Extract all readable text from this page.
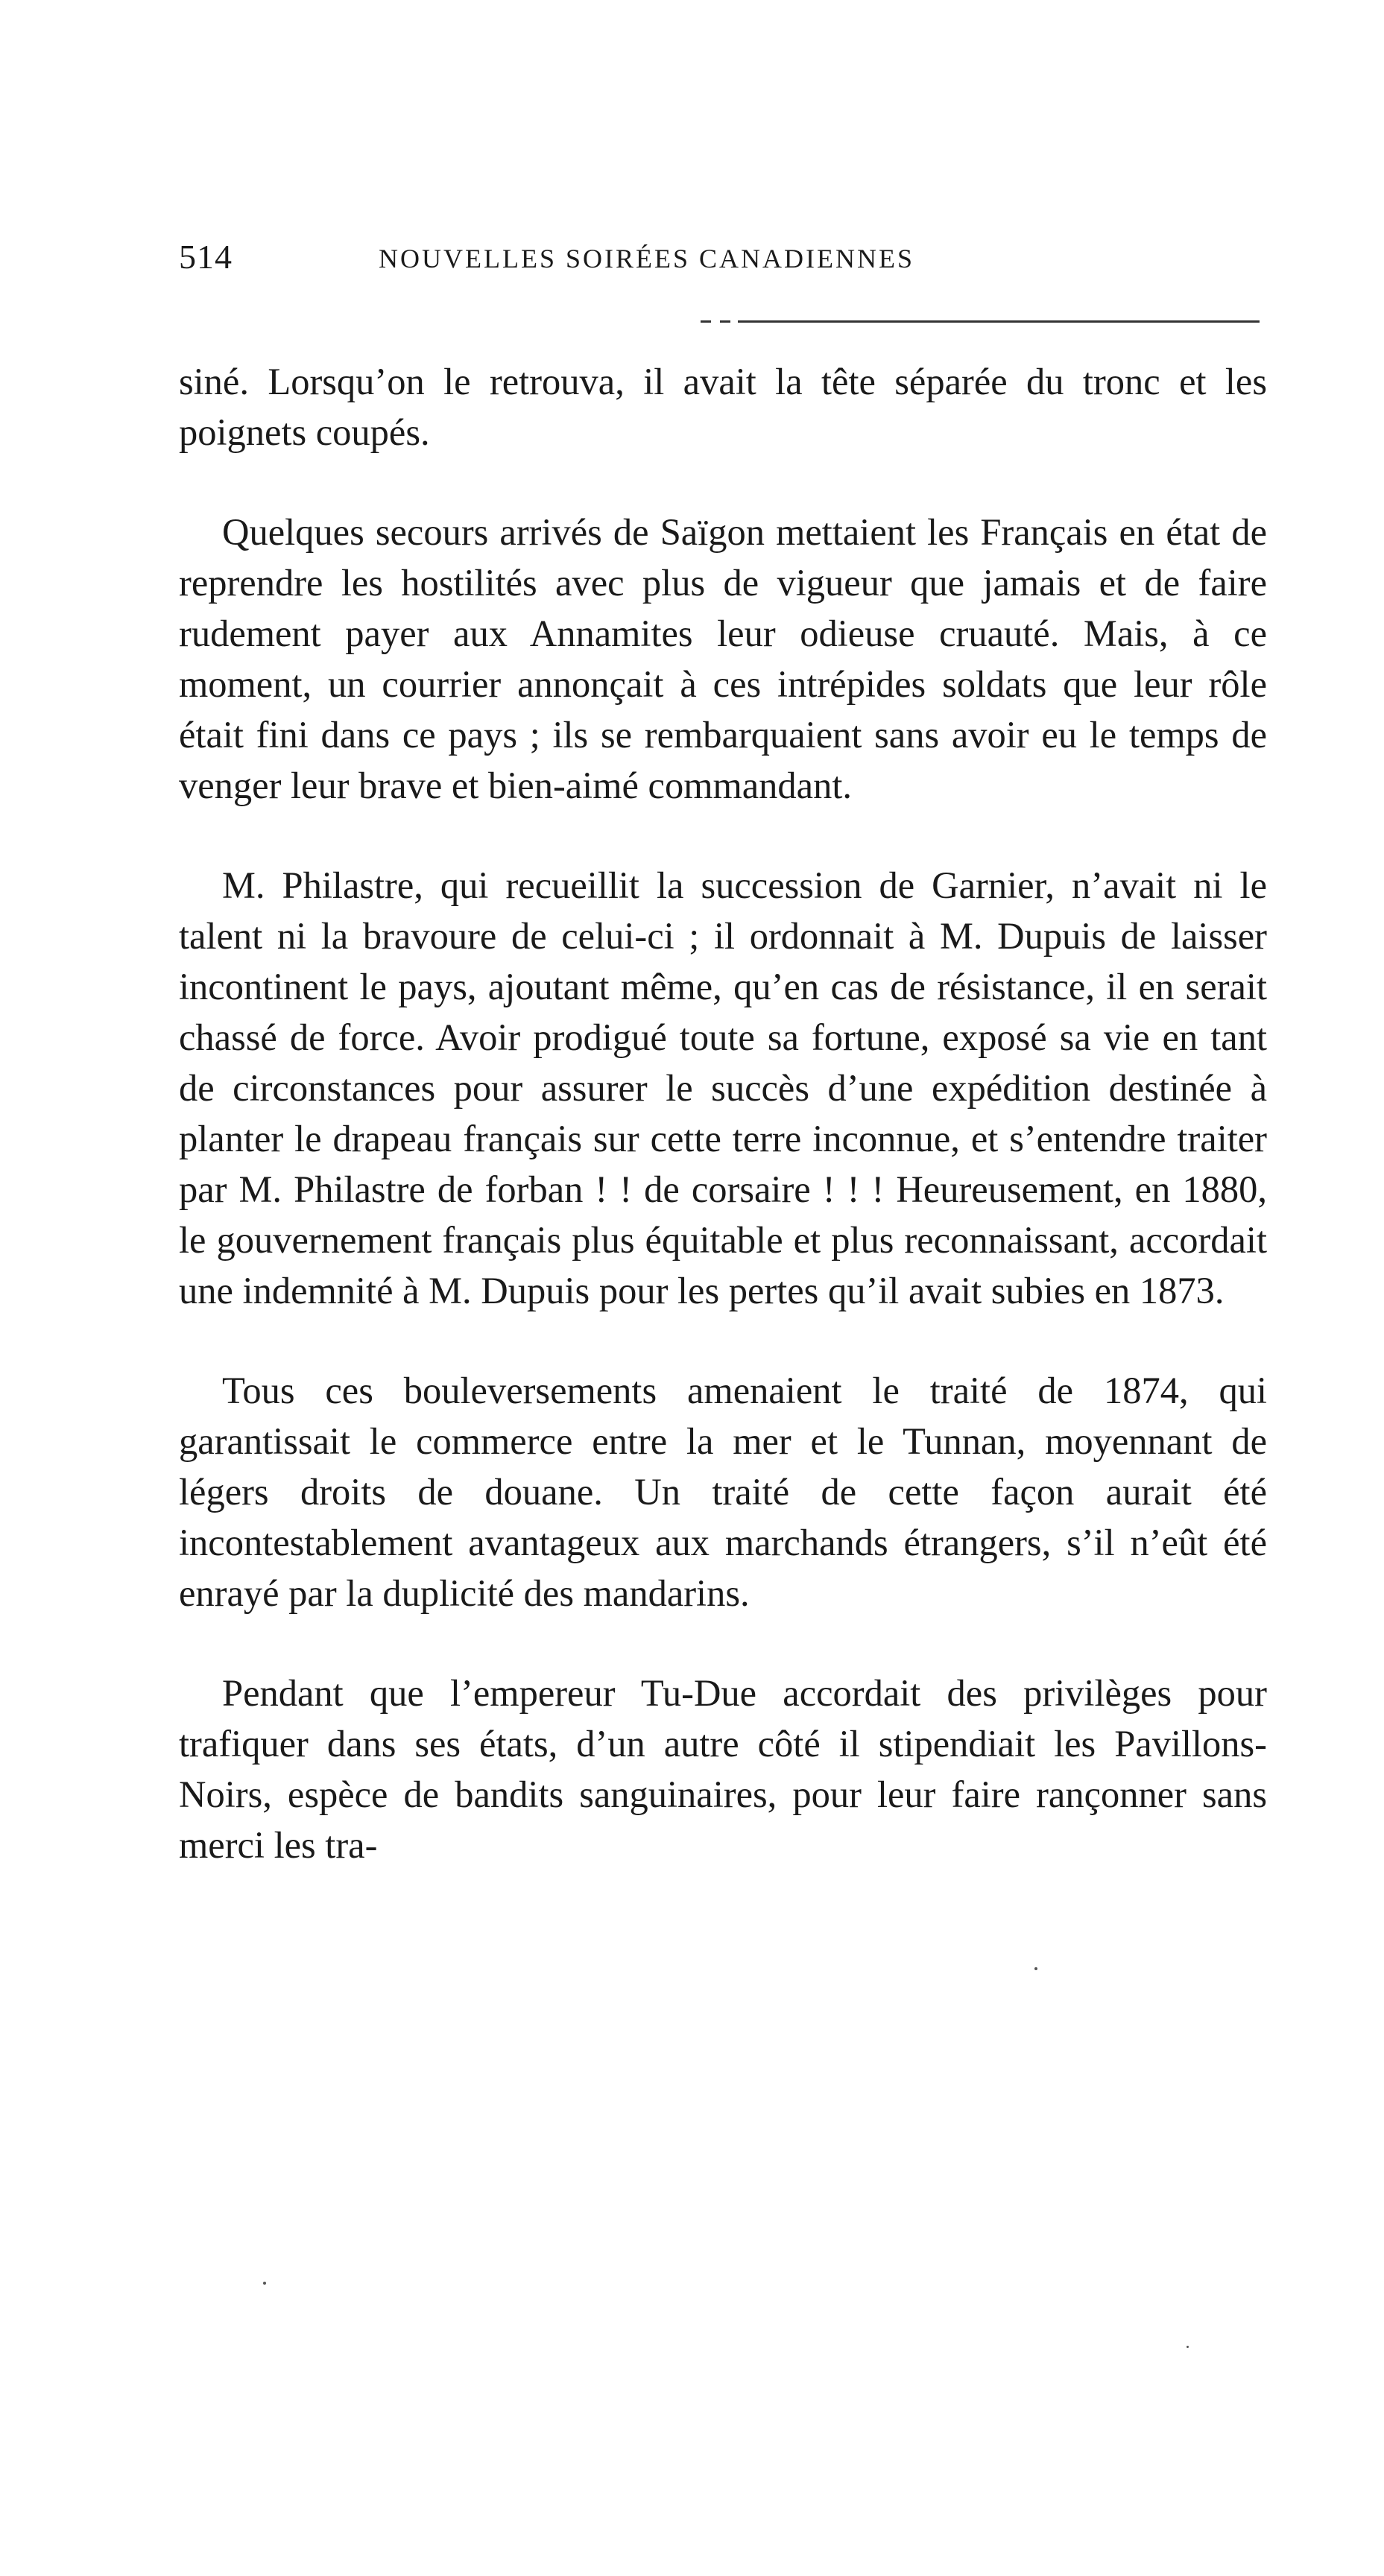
514	NOUVELLES SOIRÉES CANADIENNES

siné. Lorsqu’on le retrouva, il avait la tête séparée du tronc et les poignets coupés.

Quelques secours arrivés de Saïgon mettaient les Français en état de reprendre les hostilités avec plus de vigueur que jamais et de faire rudement payer aux Annamites leur odieuse cruauté. Mais, à ce moment, un courrier annonçait à ces intrépides soldats que leur rôle était fini dans ce pays ; ils se rembarquaient sans avoir eu le temps de venger leur brave et bien-aimé commandant.

M. Philastre, qui recueillit la succession de Garnier, n’avait ni le talent ni la bravoure de celui-ci ; il ordonnait à M. Dupuis de laisser incontinent le pays, ajoutant même, qu’en cas de résistance, il en serait chassé de force. Avoir prodigué toute sa fortune, exposé sa vie en tant de circonstances pour assurer le succès d’une expédition destinée à planter le drapeau français sur cette terre inconnue, et s’entendre traiter par M. Philastre de forban ! ! de corsaire ! ! ! Heureusement, en 1880, le gouvernement français plus équitable et plus reconnaissant, accordait une indemnité à M. Dupuis pour les pertes qu’il avait subies en 1873.

Tous ces bouleversements amenaient le traité de 1874, qui garantissait le commerce entre la mer et le Tunnan, moyennant de légers droits de douane. Un traité de cette façon aurait été incontestablement avantageux aux marchands étrangers, s’il n’eût été enrayé par la duplicité des mandarins.

Pendant que l’empereur Tu-Due accordait des privilèges pour trafiquer dans ses états, d’un autre côté il stipendiait les Pavillons-Noirs, espèce de bandits sanguinaires, pour leur faire rançonner sans merci les tra-
